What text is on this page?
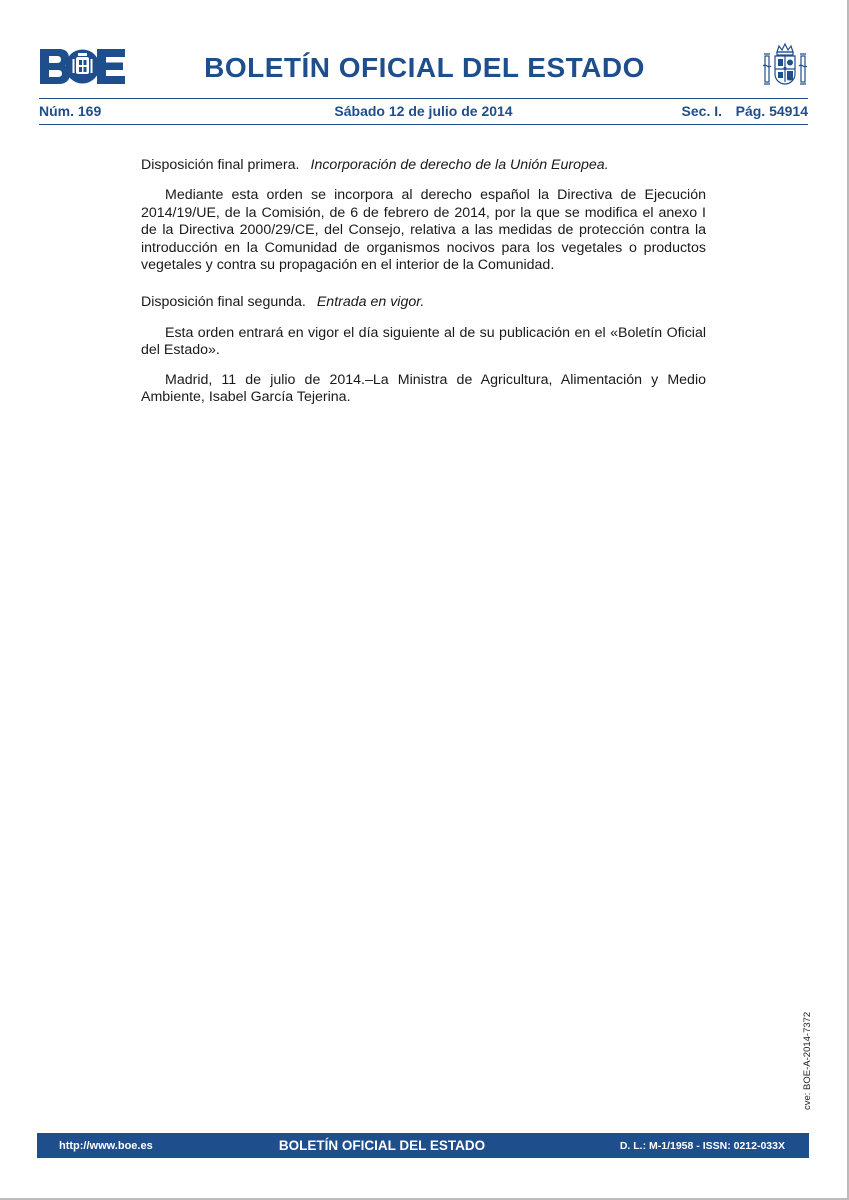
BOLETÍN OFICIAL DEL ESTADO
Núm. 169	Sábado 12 de julio de 2014	Sec. I. Pág. 54914

Disposición final primera. Incorporación de derecho de la Unión Europea.

Mediante esta orden se incorpora al derecho español la Directiva de Ejecución 2014/19/UE, de la Comisión, de 6 de febrero de 2014, por la que se modifica el anexo I de la Directiva 2000/29/CE, del Consejo, relativa a las medidas de protección contra la introducción en la Comunidad de organismos nocivos para los vegetales o productos vegetales y contra su propagación en el interior de la Comunidad.

Disposición final segunda. Entrada en vigor.

Esta orden entrará en vigor el día siguiente al de su publicación en el «Boletín Oficial del Estado».

Madrid, 11 de julio de 2014.–La Ministra de Agricultura, Alimentación y Medio Ambiente, Isabel García Tejerina.

cve: BOE-A-2014-7372
http://www.boe.es	BOLETÍN OFICIAL DEL ESTADO	D. L.: M-1/1958 - ISSN: 0212-033X
